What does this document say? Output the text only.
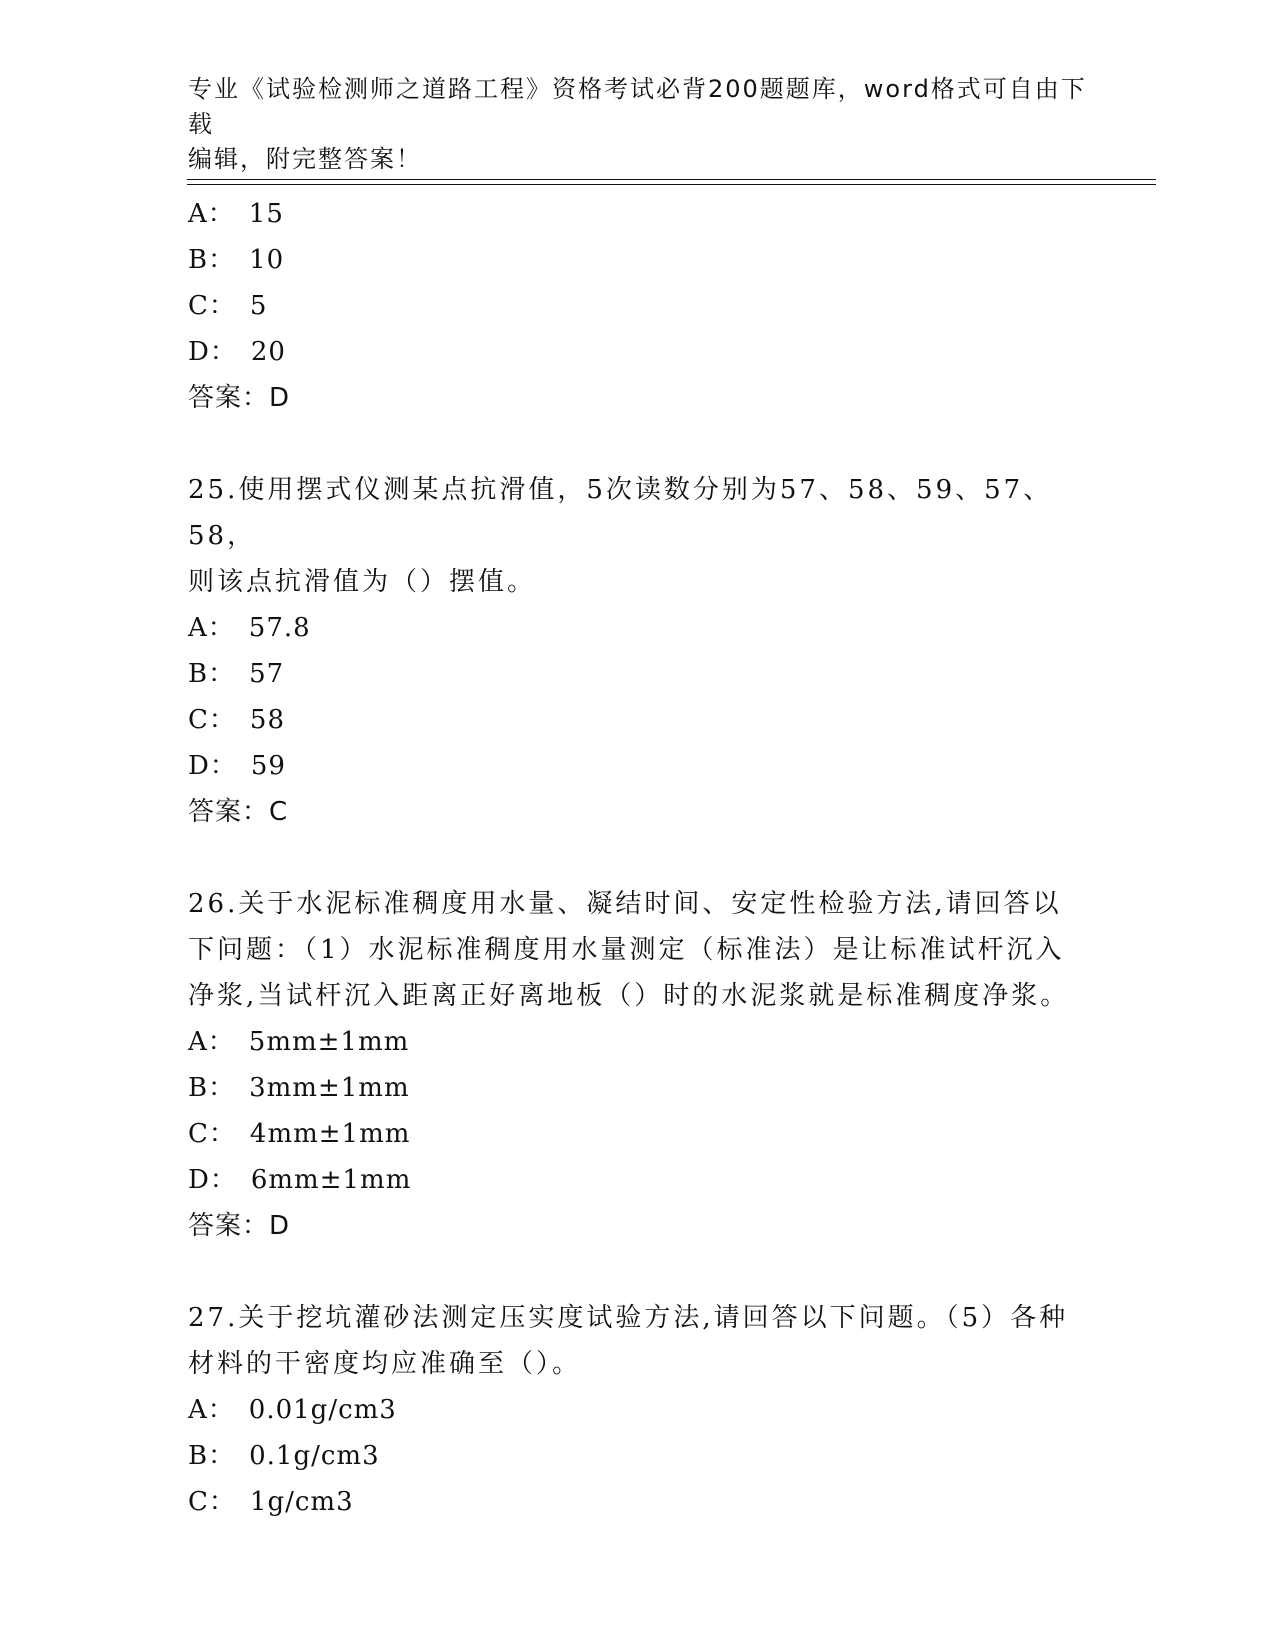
专业《试验检测师之道路工程》资格考试必背200题题库，word格式可自由下载
编辑，附完整答案！
A： 15
B： 10
C： 5
D： 20
答案：D
25.使用摆式仪测某点抗滑值，5次读数分别为57、58、59、57、58，
则该点抗滑值为（）摆值。
A： 57.8
B： 57
C： 58
D： 59
答案：C
26.关于水泥标准稠度用水量、凝结时间、安定性检验方法,请回答以
下问题：（1）水泥标准稠度用水量测定（标准法）是让标准试杆沉入
净浆,当试杆沉入距离正好离地板（）时的水泥浆就是标准稠度净浆。
A： 5mm±1mm
B： 3mm±1mm
C： 4mm±1mm
D： 6mm±1mm
答案：D
27.关于挖坑灌砂法测定压实度试验方法,请回答以下问题。（5）各种
材料的干密度均应准确至（）。
A： 0.01g/cm3
B： 0.1g/cm3
C： 1g/cm3
